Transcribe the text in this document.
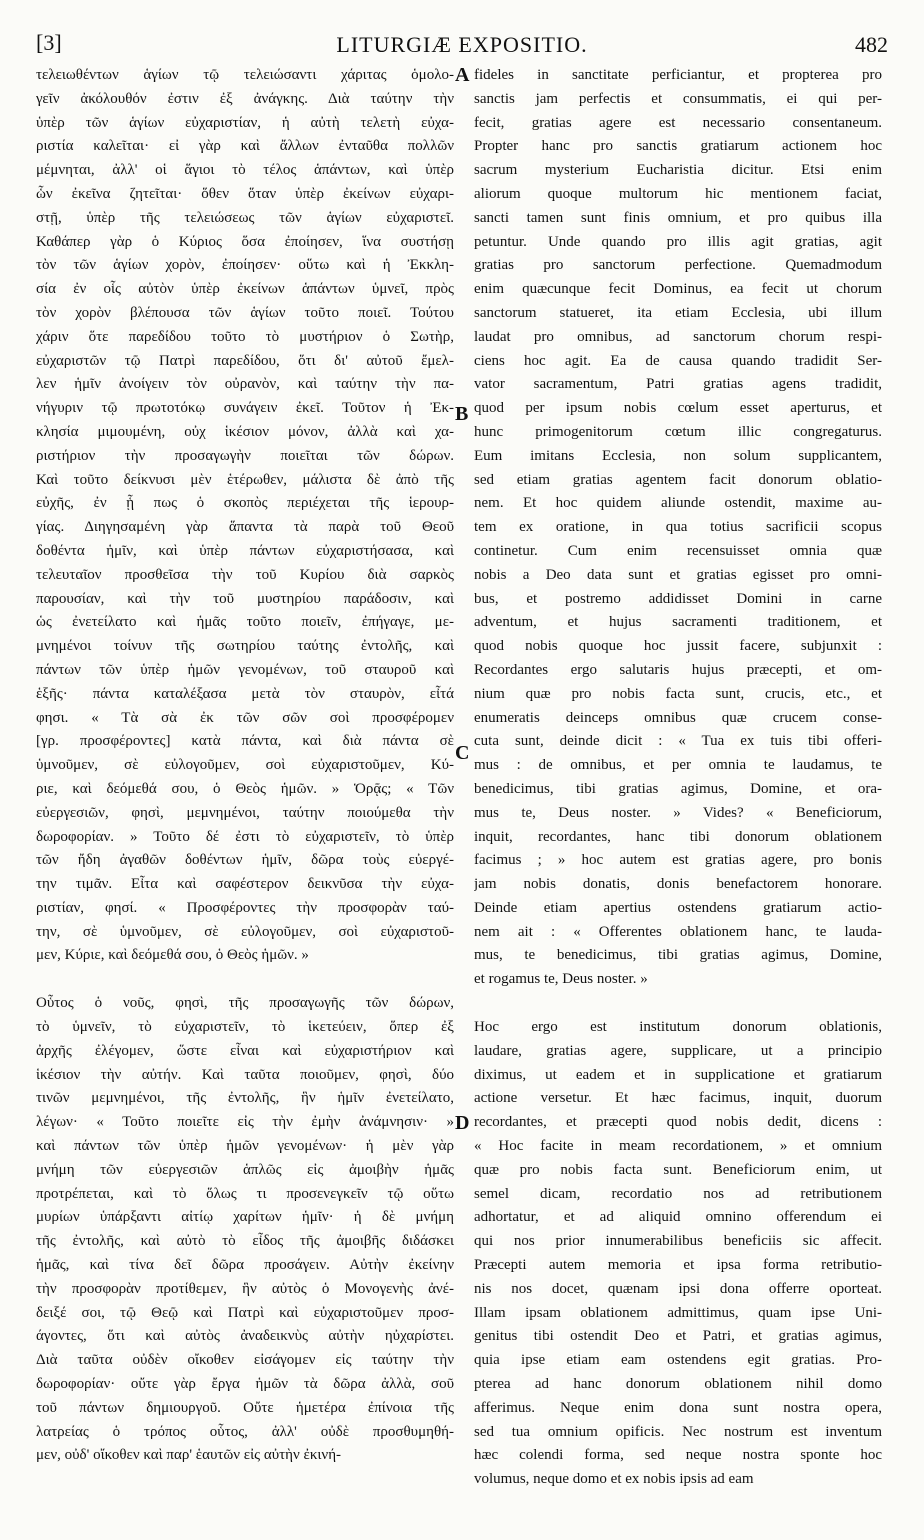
[3]	LITURGIÆ EXPOSITIO.	482
τελειωθέντων ἁγίων τῷ τελειώσαντι χάριτας ὁμολο-
γεῖν ἀκόλουθόν ἐστιν ἐξ ἀνάγκης. Διὰ ταύτην τὴν
ὑπὲρ τῶν ἁγίων εὐχαριστίαν, ἡ αὐτὴ τελετὴ εὐχα-
ριστία καλεῖται· εἰ γὰρ καὶ ἄλλων ἐνταῦθα πολλῶν
μέμνηται, ἀλλ' οἱ ἅγιοι τὸ τέλος ἁπάντων, καὶ ὑπὲρ
ὧν ἐκεῖνα ζητεῖται· ὅθεν ὅταν ὑπὲρ ἐκείνων εὐχαρι-
στῇ, ὑπὲρ τῆς τελειώσεως τῶν ἁγίων εὐχαριστεῖ.
Καθάπερ γὰρ ὁ Κύριος ὅσα ἐποίησεν, ἵνα συστήσῃ
τὸν τῶν ἁγίων χορὸν, ἐποίησεν· οὕτω καὶ ἡ Ἐκκλη-
σία ἐν οἷς αὐτὸν ὑπὲρ ἐκείνων ἁπάντων ὑμνεῖ, πρὸς
τὸν χορὸν βλέπουσα τῶν ἁγίων τοῦτο ποιεῖ. Τούτου
χάριν ὅτε παρεδίδου τοῦτο τὸ μυστήριον ὁ Σωτὴρ,
εὐχαριστῶν τῷ Πατρὶ παρεδίδου, ὅτι δι' αὐτοῦ ἔμελ-
λεν ἡμῖν ἀνοίγειν τὸν οὐρανὸν, καὶ ταύτην τὴν πα-
νήγυριν τῷ πρωτοτόκῳ συνάγειν ἐκεῖ. Τοῦτον ἡ Ἐκ-
κλησία μιμουμένη, οὐχ ἱκέσιον μόνον, ἀλλὰ καὶ χα-
ριστήριον τὴν προσαγωγὴν ποιεῖται τῶν δώρων.
Καὶ τοῦτο δείκνυσι μὲν ἑτέρωθεν, μάλιστα δὲ ἀπὸ τῆς
εὐχῆς, ἐν ᾗ πως ὁ σκοπὸς περιέχεται τῆς ἱερουρ-
γίας. Διηγησαμένη γὰρ ἅπαντα τὰ παρὰ τοῦ Θεοῦ
δοθέντα ἡμῖν, καὶ ὑπὲρ πάντων εὐχαριστήσασα, καὶ
τελευταῖον προσθεῖσα τὴν τοῦ Κυρίου διὰ σαρκὸς
παρουσίαν, καὶ τὴν τοῦ μυστηρίου παράδοσιν, καὶ
ὡς ἐνετείλατο καὶ ἡμᾶς τοῦτο ποιεῖν, ἐπήγαγε, με-
μνημένοι τοίνυν τῆς σωτηρίου ταύτης ἐντολῆς, καὶ
πάντων τῶν ὑπὲρ ἡμῶν γενομένων, τοῦ σταυροῦ καὶ
ἑξῆς· πάντα καταλέξασα μετὰ τὸν σταυρὸν, εἶτά
φησι. « Τὰ σὰ ἐκ τῶν σῶν σοὶ προσφέρομεν
[γρ. προσφέροντες] κατὰ πάντα, καὶ διὰ πάντα σὲ
ὑμνοῦμεν, σὲ εὐλογοῦμεν, σοὶ εὐχαριστοῦμεν, Κύ-
ριε, καὶ δεόμεθά σου, ὁ Θεὸς ἡμῶν. » Ὁρᾷς; « Τῶν
εὐεργεσιῶν, φησὶ, μεμνημένοι, ταύτην ποιούμεθα τὴν
δωροφορίαν. » Τοῦτο δέ ἐστι τὸ εὐχαριστεῖν, τὸ ὑπὲρ
τῶν ἤδη ἀγαθῶν δοθέντων ἡμῖν, δῶρα τοὺς εὐεργέ-
την τιμᾶν. Εἶτα καὶ σαφέστερον δεικνῦσα τὴν εὐχα-
ριστίαν, φησί. « Προσφέροντες τὴν προσφορὰν ταύ-
την, σὲ ὑμνοῦμεν, σὲ εὐλογοῦμεν, σοὶ εὐχαριστοῦ-
μεν, Κύριε, καὶ δεόμεθά σου, ὁ Θεὸς ἡμῶν. »
Οὗτος ὁ νοῦς, φησὶ, τῆς προσαγωγῆς τῶν δώρων,
τὸ ὑμνεῖν, τὸ εὐχαριστεῖν, τὸ ἱκετεύειν, ὅπερ ἐξ
ἀρχῆς ἐλέγομεν, ὥστε εἶναι καὶ εὐχαριστήριον καὶ
ἱκέσιον τὴν αὐτήν. Καὶ ταῦτα ποιοῦμεν, φησὶ, δύο
τινῶν μεμνημένοι, τῆς ἐντολῆς, ἣν ἡμῖν ἐνετείλατο,
λέγων· « Τοῦτο ποιεῖτε εἰς τὴν ἐμὴν ἀνάμνησιν· »
καὶ πάντων τῶν ὑπὲρ ἡμῶν γενομένων· ἡ μὲν γὰρ
μνήμη τῶν εὐεργεσιῶν ἁπλῶς εἰς ἀμοιβὴν ἡμᾶς
προτρέπεται, καὶ τὸ ὅλως τι προσενεγκεῖν τῷ οὕτω
μυρίων ὑπάρξαντι αἰτίῳ χαρίτων ἡμῖν· ἡ δὲ μνήμη
τῆς ἐντολῆς, καὶ αὐτὸ τὸ εἶδος τῆς ἀμοιβῆς διδάσκει
ἡμᾶς, καὶ τίνα δεῖ δῶρα προσάγειν. Αὐτὴν ἐκείνην
τὴν προσφορὰν προτίθεμεν, ἣν αὐτὸς ὁ Μονογενὴς ἀνέ-
δειξέ σοι, τῷ Θεῷ καὶ Πατρὶ καὶ εὐχαριστοῦμεν προσ-
άγοντες, ὅτι καὶ αὐτὸς ἀναδεικνὺς αὐτὴν ηὐχαρίστει.
Διὰ ταῦτα οὐδὲν οἴκοθεν εἰσάγομεν εἰς ταύτην τὴν
δωροφορίαν· οὔτε γὰρ ἔργα ἡμῶν τὰ δῶρα ἀλλὰ, σοῦ
τοῦ πάντων δημιουργοῦ. Οὔτε ἡμετέρα ἐπίνοια τῆς
λατρείας ὁ τρόπος οὗτος, ἀλλ' οὐδὲ προσθυμηθή-
μεν, οὐδ' οἴκοθεν καὶ παρ' ἑαυτῶν εἰς αὐτὴν ἐκινή-
fideles in sanctitate perficiantur, et propterea pro
sanctis jam perfectis et consummatis, ei qui per-
fecit, gratias agere est necessario consentaneum.
Propter hanc pro sanctis gratiarum actionem hoc
sacrum mysterium Eucharistia dicitur. Etsi enim
aliorum quoque multorum hic mentionem faciat,
sancti tamen sunt finis omnium, et pro quibus illa
petuntur. Unde quando pro illis agit gratias, agit
gratias pro sanctorum perfectione. Quemadmodum
enim quæcunque fecit Dominus, ea fecit ut chorum
sanctorum statueret, ita etiam Ecclesia, ubi illum
laudat pro omnibus, ad sanctorum chorum respi-
ciens hoc agit. Ea de causa quando tradidit Ser-
vator sacramentum, Patri gratias agens tradidit,
quod per ipsum nobis cœlum esset aperturus, et
hunc primogenitorum cœtum illic congregaturus.
Eum imitans Ecclesia, non solum supplicantem,
sed etiam gratias agentem facit donorum oblatio-
nem. Et hoc quidem aliunde ostendit, maxime au-
tem ex oratione, in qua totius sacrificii scopus
continetur. Cum enim recensuisset omnia quæ
nobis a Deo data sunt et gratias egisset pro omni-
bus, et postremo addidisset Domini in carne
adventum, et hujus sacramenti traditionem, et
quod nobis quoque hoc jussit facere, subjunxit :
Recordantes ergo salutaris hujus præcepti, et om-
nium quæ pro nobis facta sunt, crucis, etc., et
enumeratis deinceps omnibus quæ crucem conse-
cuta sunt, deinde dicit : « Tua ex tuis tibi offeri-
mus : de omnibus, et per omnia te laudamus, te
benedicimus, tibi gratias agimus, Domine, et ora-
mus te, Deus noster. » Vides? « Beneficiorum,
inquit, recordantes, hanc tibi donorum oblationem
facimus ; » hoc autem est gratias agere, pro bonis
jam nobis donatis, donis benefactorem honorare.
Deinde etiam apertius ostendens gratiarum actio-
nem ait : « Offerentes oblationem hanc, te lauda-
mus, te benedicimus, tibi gratias agimus, Domine,
et rogamus te, Deus noster. »
Hoc ergo est institutum donorum oblationis,
laudare, gratias agere, supplicare, ut a principio
diximus, ut eadem et in supplicatione et gratiarum
actione versetur. Et hæc facimus, inquit, duorum
recordantes, et præcepti quod nobis dedit, dicens :
« Hoc facite in meam recordationem, » et omnium
quæ pro nobis facta sunt. Beneficiorum enim, ut
semel dicam, recordatio nos ad retributionem
adhortatur, et ad aliquid omnino offerendum ei
qui nos prior innumerabilibus beneficiis sic affecit.
Præcepti autem memoria et ipsa forma retributio-
nis nos docet, quænam ipsi dona offerre oporteat.
Illam ipsam oblationem admittimus, quam ipse Uni-
genitus tibi ostendit Deo et Patri, et gratias agimus,
quia ipse etiam eam ostendens egit gratias. Pro-
pterea ad hanc donorum oblationem nihil domo
afferimus. Neque enim dona sunt nostra opera,
sed tua omnium opificis. Nec nostrum est inventum
hæc colendi forma, sed neque nostra sponte hoc
volumus, neque domo et ex nobis ipsis ad eam
A
B
C
D
